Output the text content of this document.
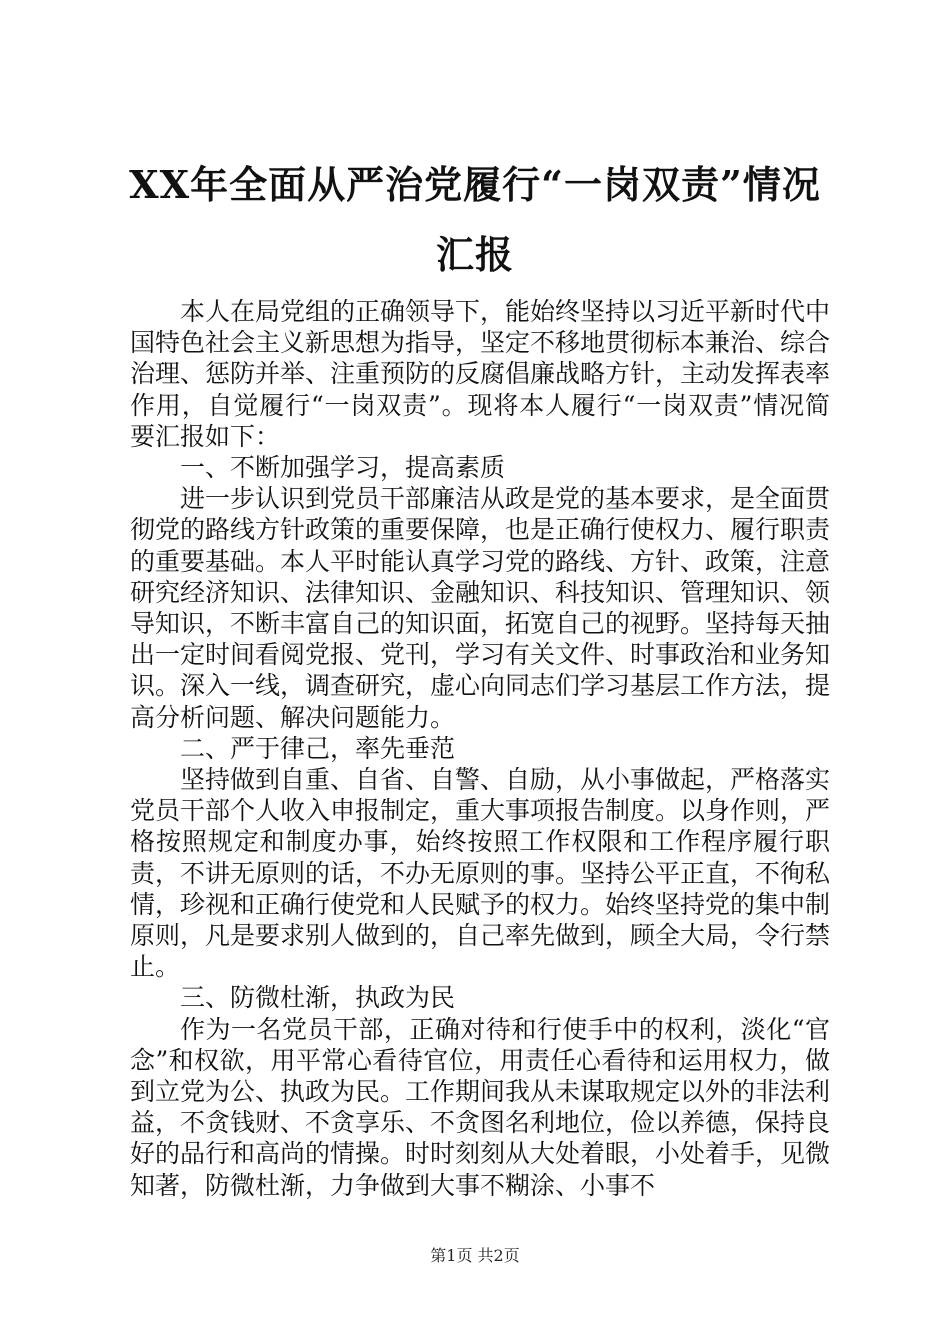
XX年全面从严治党履行“一岗双责”情况汇报

本人在局党组的正确领导下，能始终坚持以习近平新时代中国特色社会主义新思想为指导，坚定不移地贯彻标本兼治、综合治理、惩防并举、注重预防的反腐倡廉战略方针，主动发挥表率作用，自觉履行“一岗双责”。现将本人履行“一岗双责”情况简要汇报如下：

一、不断加强学习，提高素质

进一步认识到党员干部廉洁从政是党的基本要求，是全面贯彻党的路线方针政策的重要保障，也是正确行使权力、履行职责的重要基础。本人平时能认真学习党的路线、方针、政策，注意研究经济知识、法律知识、金融知识、科技知识、管理知识、领导知识，不断丰富自己的知识面，拓宽自己的视野。坚持每天抽出一定时间看阅党报、党刊，学习有关文件、时事政治和业务知识。深入一线，调查研究，虚心向同志们学习基层工作方法，提高分析问题、解决问题能力。

二、严于律己，率先垂范

坚持做到自重、自省、自警、自励，从小事做起，严格落实党员干部个人收入申报制定，重大事项报告制度。以身作则，严格按照规定和制度办事，始终按照工作权限和工作程序履行职责，不讲无原则的话，不办无原则的事。坚持公平正直，不徇私情，珍视和正确行使党和人民赋予的权力。始终坚持党的集中制原则，凡是要求别人做到的，自己率先做到，顾全大局，令行禁止。

三、防微杜渐，执政为民

作为一名党员干部，正确对待和行使手中的权利，淡化“官念”和权欲，用平常心看待官位，用责任心看待和运用权力，做到立党为公、执政为民。工作期间我从未谋取规定以外的非法利益，不贪钱财、不贪享乐、不贪图名利地位，俭以养德，保持良好的品行和高尚的情操。时时刻刻从大处着眼，小处着手，见微知著，防微杜渐，力争做到大事不糊涂、小事不

第1页 共2页
